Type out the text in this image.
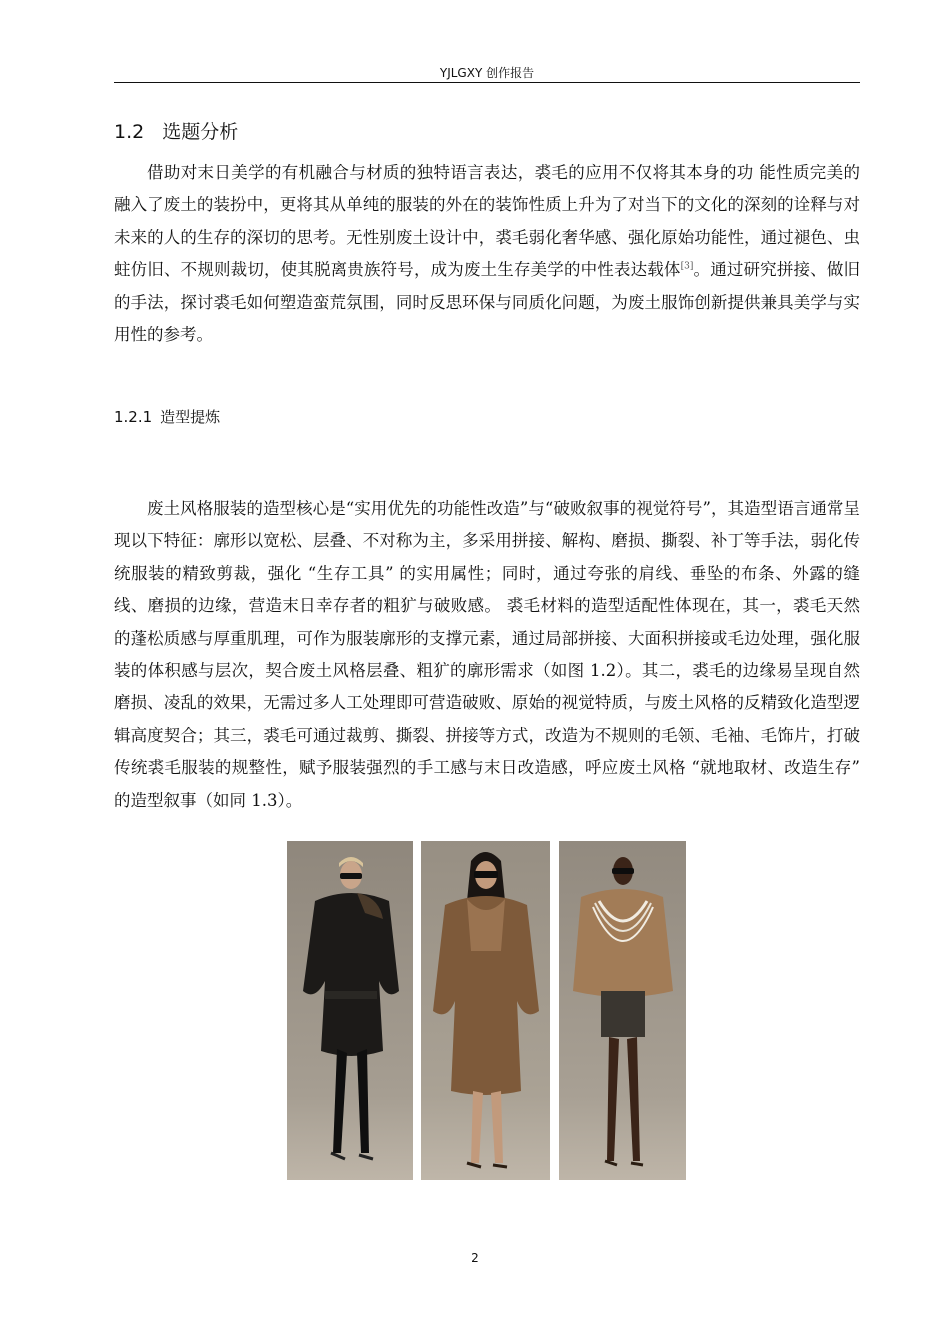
YJLGXY 创作报告
1.2 选题分析

借助对末日美学的有机融合与材质的独特语言表达，裘毛的应用不仅将其本身的功 能性质完美的融入了废土的装扮中，更将其从单纯的服装的外在的装饰性质上升为了对当下的文化的深刻的诠释与对未来的人的生存的深切的思考。无性别废土设计中，裘毛弱化奢华感、强化原始功能性，通过褪色、虫蛀仿旧、不规则裁切，使其脱离贵族符号，成为废土生存美学的中性表达载体[3]。通过研究拼接、做旧的手法，探讨裘毛如何塑造蛮荒氛围，同时反思环保与同质化问题，为废土服饰创新提供兼具美学与实用性的参考。

1.2.1 造型提炼

废土风格服装的造型核心是“实用优先的功能性改造”与“破败叙事的视觉符号”，其造型语言通常呈现以下特征：廓形以宽松、层叠、不对称为主，多采用拼接、解构、磨损、撕裂、补丁等手法，弱化传统服装的精致剪裁，强化 “生存工具” 的实用属性；同时，通过夸张的肩线、垂坠的布条、外露的缝线、磨损的边缘，营造末日幸存者的粗犷与破败感。 裘毛材料的造型适配性体现在，其一，裘毛天然的蓬松质感与厚重肌理，可作为服装廓形的支撑元素，通过局部拼接、大面积拼接或毛边处理，强化服装的体积感与层次，契合废土风格层叠、粗犷的廓形需求（如图 1.2）。其二，裘毛的边缘易呈现自然磨损、凌乱的效果，无需过多人工处理即可营造破败、原始的视觉特质，与废土风格的反精致化造型逻辑高度契合；其三，裘毛可通过裁剪、撕裂、拼接等方式，改造为不规则的毛领、毛袖、毛饰片，打破传统裘毛服装的规整性，赋予服装强烈的手工感与末日改造感，呼应废土风格 “就地取材、改造生存” 的造型叙事（如同 1.3）。

2
